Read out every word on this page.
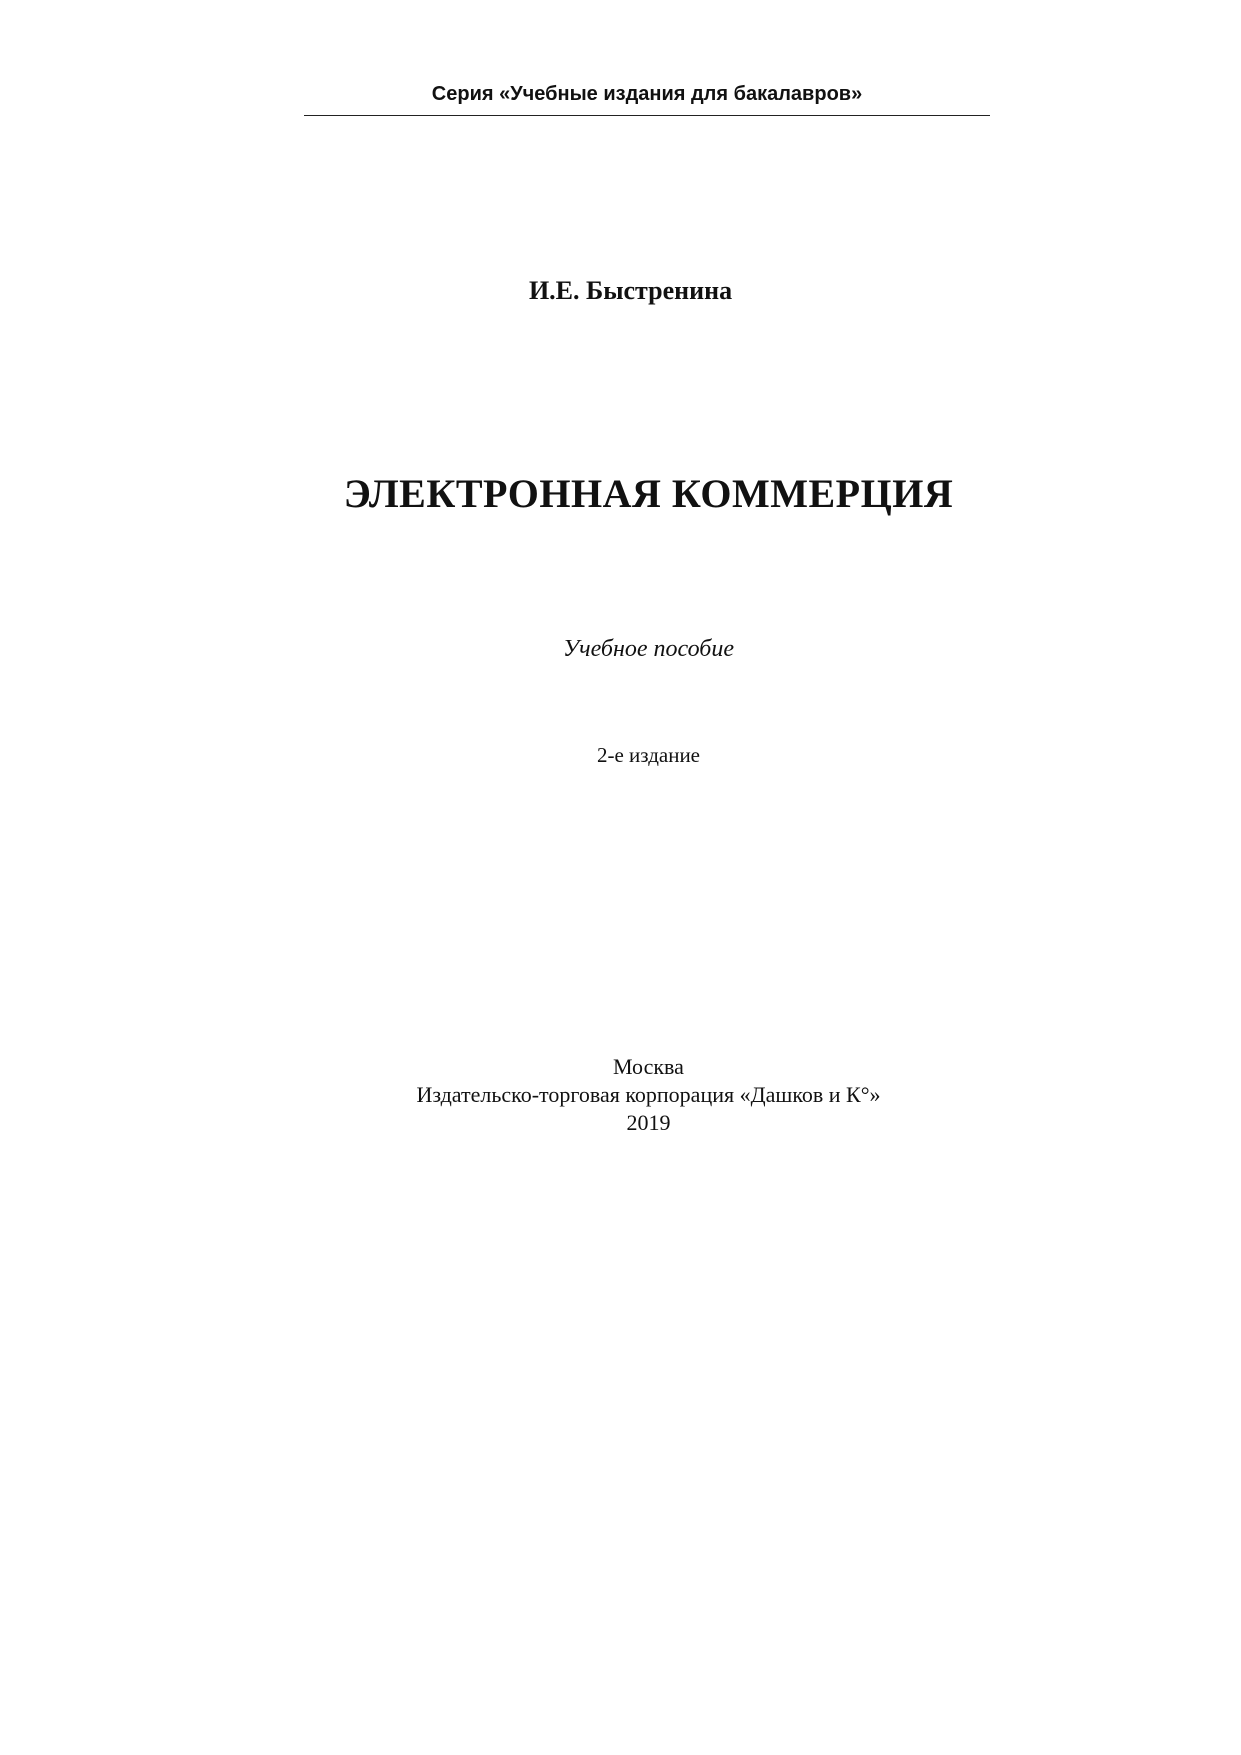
Серия «Учебные издания для бакалавров»
И.Е. Быстренина
ЭЛЕКТРОННАЯ КОММЕРЦИЯ
Учебное пособие
2-е издание
Москва
Издательско-торговая корпорация «Дашков и К°»
2019
